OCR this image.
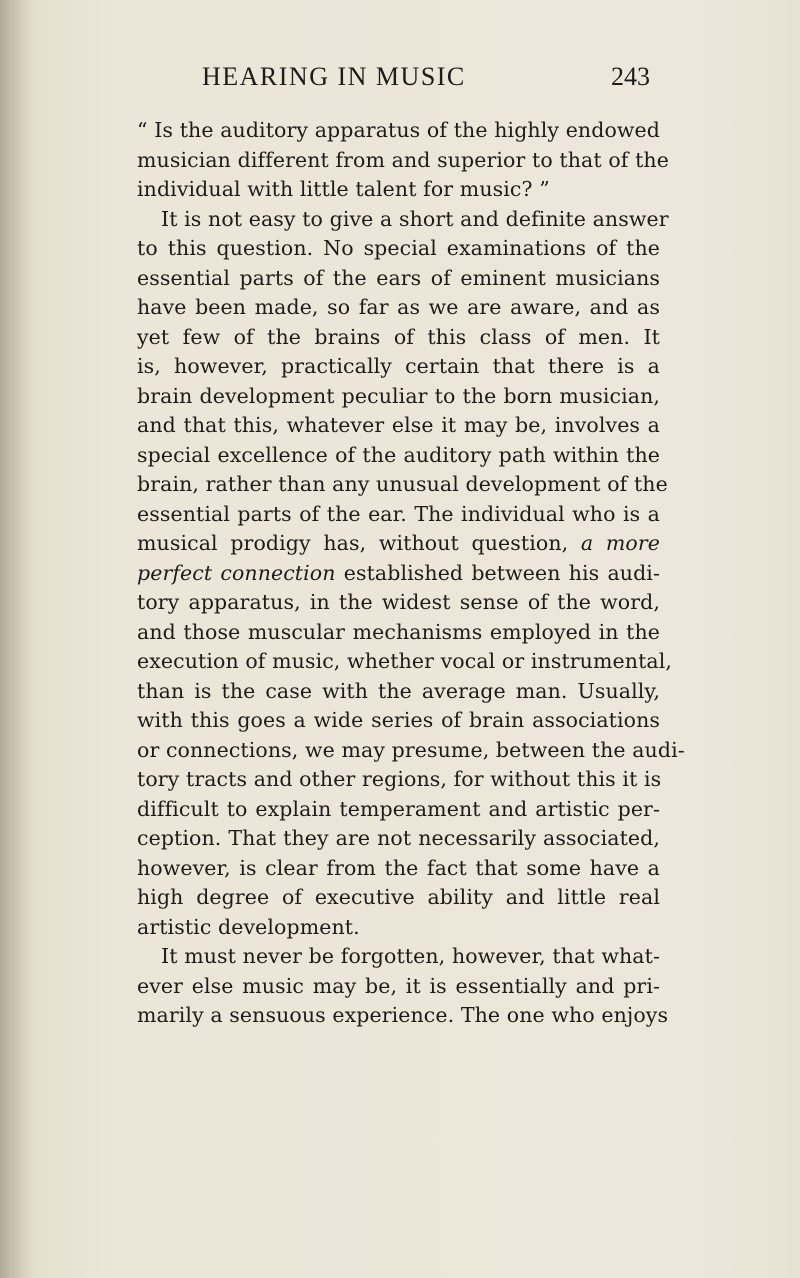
HEARING IN MUSIC	243
“ Is the auditory apparatus of the highly endowed
musician different from and superior to that of the
individual with little talent for music? ”
It is not easy to give a short and definite answer
to this question. No special examinations of the
essential parts of the ears of eminent musicians
have been made, so far as we are aware, and as
yet few of the brains of this class of men. It
is, however, practically certain that there is a
brain development peculiar to the born musician,
and that this, whatever else it may be, involves a
special excellence of the auditory path within the
brain, rather than any unusual development of the
essential parts of the ear. The individual who is a
musical prodigy has, without question, a more
perfect connection established between his audi-
tory apparatus, in the widest sense of the word,
and those muscular mechanisms employed in the
execution of music, whether vocal or instrumental,
than is the case with the average man. Usually,
with this goes a wide series of brain associations
or connections, we may presume, between the audi-
tory tracts and other regions, for without this it is
difficult to explain temperament and artistic per-
ception. That they are not necessarily associated,
however, is clear from the fact that some have a
high degree of executive ability and little real
artistic development.
It must never be forgotten, however, that what-
ever else music may be, it is essentially and pri-
marily a sensuous experience. The one who enjoys
